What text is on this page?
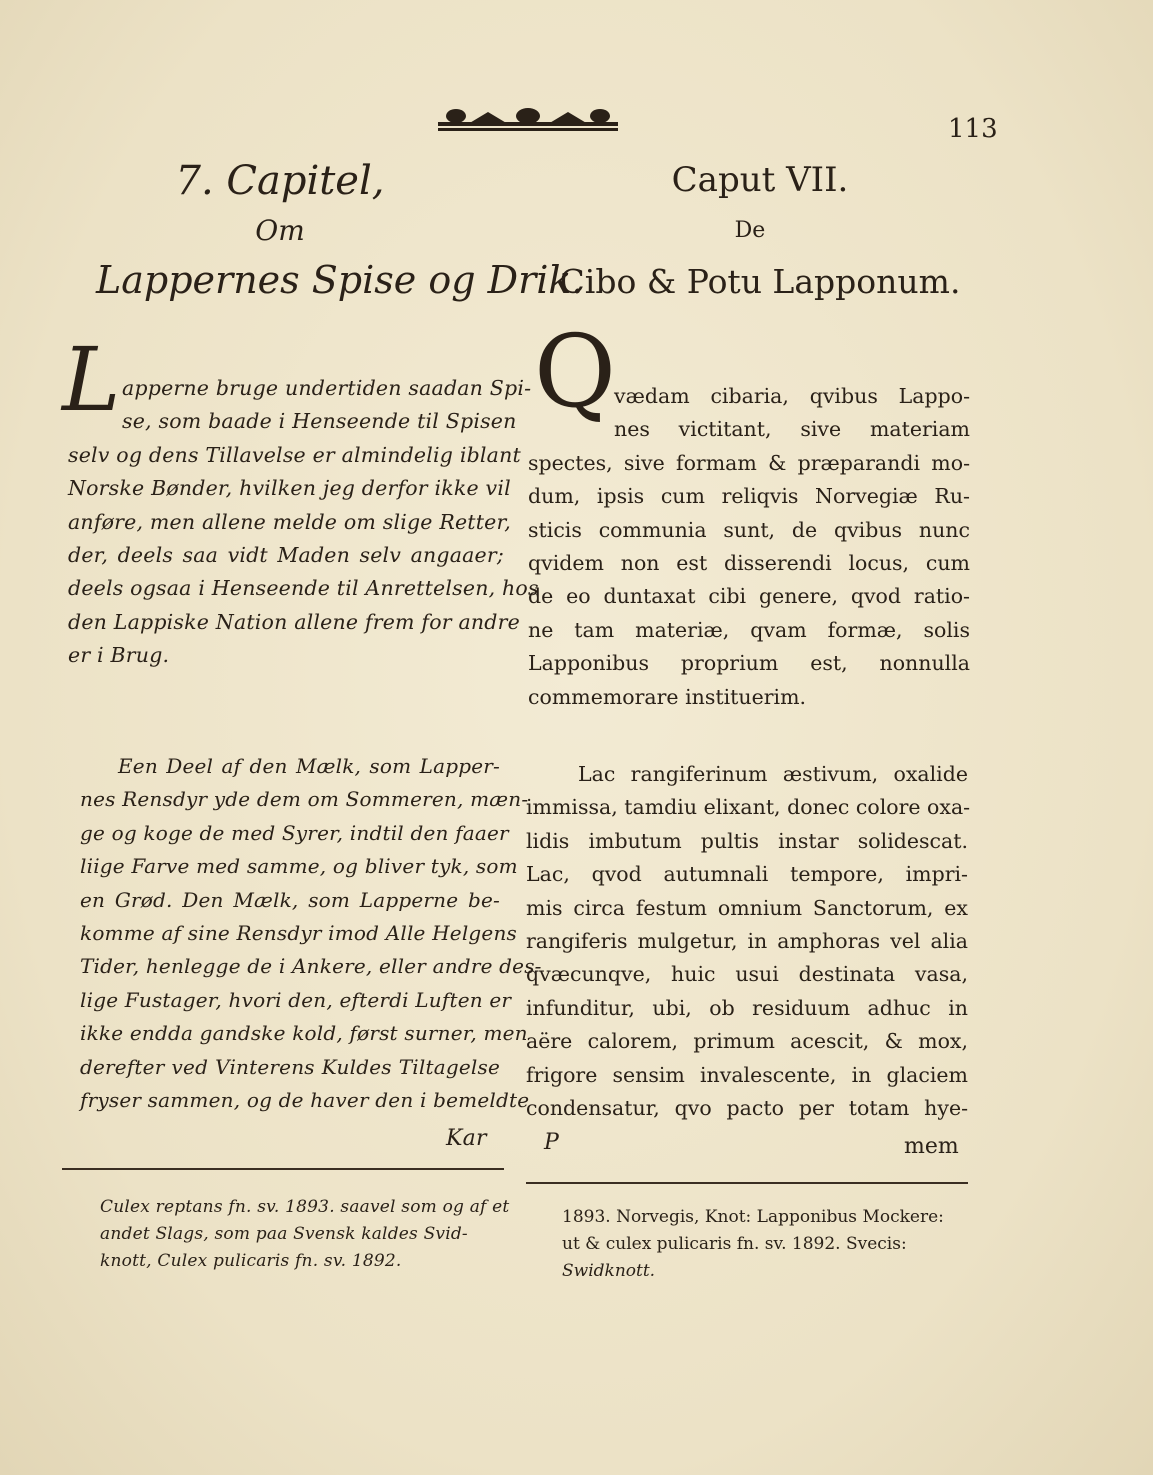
113
7. Capitel,
Om
Lappernes Spise og Drik.
L apperne bruge undertiden saadan Spi-
se, som baade i Henseende til Spisen
selv og dens Tillavelse er almindelig iblant
Norske Bønder, hvilken jeg derfor ikke vil
anføre, men allene melde om slige Retter,
der, deels saa vidt Maden selv angaaer;
deels ogsaa i Henseende til Anrettelsen, hos
den Lappiske Nation allene frem for andre
er i Brug.
Een Deel af den Mælk, som Lapper-
nes Rensdyr yde dem om Sommeren, mæn-
ge og koge de med Syrer, indtil den faaer
liige Farve med samme, og bliver tyk, som
en Grød. Den Mælk, som Lapperne be-
komme af sine Rensdyr imod Alle Helgens
Tider, henlegge de i Ankere, eller andre des-
lige Fustager, hvori den, efterdi Luften er
ikke endda gandske kold, først surner, men
derefter ved Vinterens Kuldes Tiltagelse
fryser sammen, og de haver den i bemeldte
Kar
Caput VII.
De
Cibo & Potu Lapponum.
Q
vædam cibaria, qvibus Lappo-
nes victitant, sive materiam
spectes, sive formam & præparandi mo-
dum, ipsis cum reliqvis Norvegiæ Ru-
sticis communia sunt, de qvibus nunc
qvidem non est disserendi locus, cum
de eo duntaxat cibi genere, qvod ratio-
ne tam materiæ, qvam formæ, solis
Lapponibus proprium est, nonnulla
commemorare instituerim.
Lac rangiferinum æstivum, oxalide
immissa, tamdiu elixant, donec colore oxa-
lidis imbutum pultis instar solidescat.
Lac, qvod autumnali tempore, impri-
mis circa festum omnium Sanctorum, ex
rangiferis mulgetur, in amphoras vel alia
qvæcunqve, huic usui destinata vasa,
infunditur, ubi, ob residuum adhuc in
aëre calorem, primum acescit, & mox,
frigore sensim invalescente, in glaciem
condensatur, qvo pacto per totam hye-
P	mem
Culex reptans fn. sv. 1893. saavel som og af et
andet Slags, som paa Svensk kaldes Svid-
knott, Culex pulicaris fn. sv. 1892.
1893. Norvegis, Knot: Lapponibus Mockere:
ut & culex pulicaris fn. sv. 1892. Svecis:
Swidknott.
